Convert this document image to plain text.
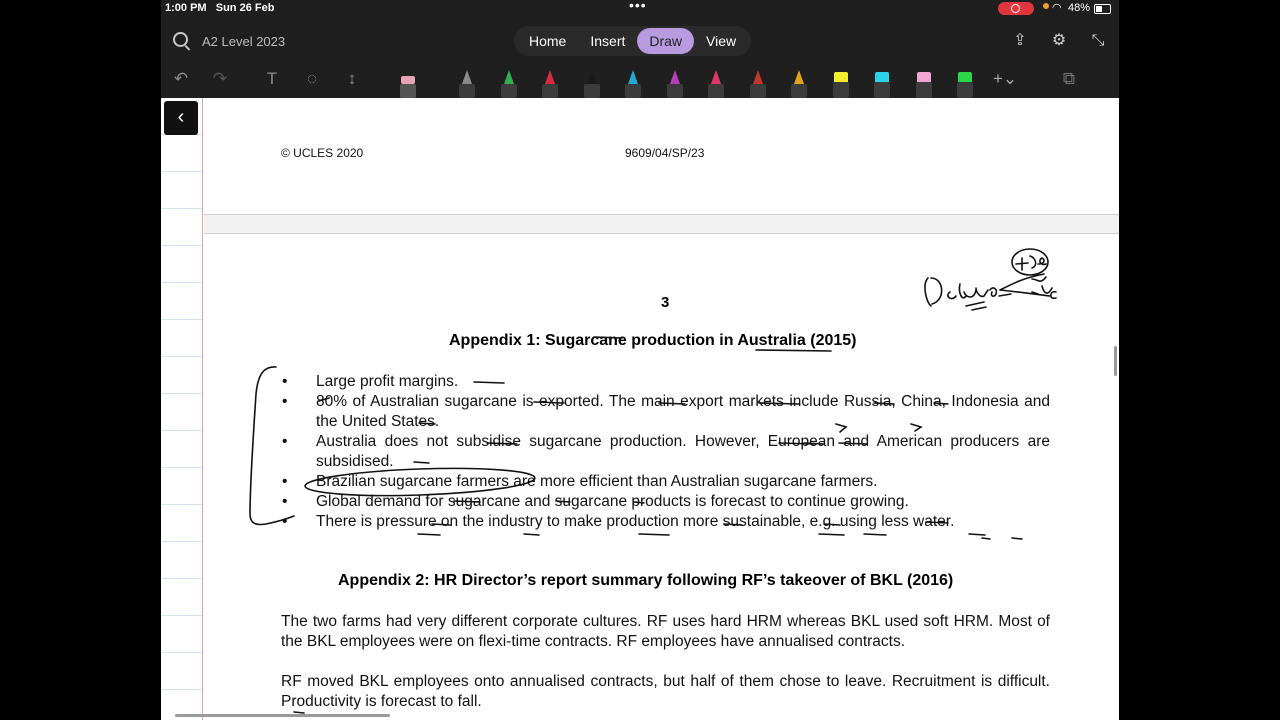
1:00 PM Sun 26 Feb	•••	◠ 48%
A2 Level 2023	Home	Insert	Draw	View	⇪ ⚙ ⤡
↶ ↷	T	◌	↕	+⌄	⧉
‹
© UCLES 2020	9609/04/SP/23
3
Appendix 1: Sugarcane production in Australia (2015)
• Large profit margins.
• 80% of Australian sugarcane is exported. The main export markets include Russia, China, Indonesia and the United States.
• Australia does not subsidise sugarcane production. However, European and American producers are subsidised.
• Brazilian sugarcane farmers are more efficient than Australian sugarcane farmers.
• Global demand for sugarcane and sugarcane products is forecast to continue growing.
• There is pressure on the industry to make production more sustainable, e.g. using less water.
Appendix 2: HR Director’s report summary following RF’s takeover of BKL (2016)
The two farms had very different corporate cultures. RF uses hard HRM whereas BKL used soft HRM. Most of the BKL employees were on flexi-time contracts. RF employees have annualised contracts.
RF moved BKL employees onto annualised contracts, but half of them chose to leave. Recruitment is difficult. Productivity is forecast to fall.
